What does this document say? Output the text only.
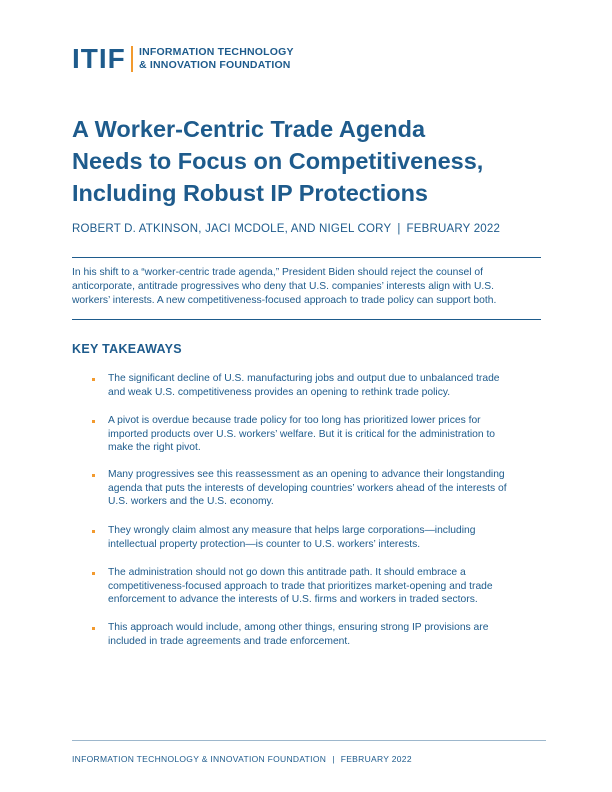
ITIF INFORMATION TECHNOLOGY
& INNOVATION FOUNDATION
A Worker-Centric Trade Agenda
Needs to Focus on Competitiveness,
Including Robust IP Protections
ROBERT D. ATKINSON, JACI MCDOLE, AND NIGEL CORY | FEBRUARY 2022
In his shift to a “worker-centric trade agenda,” President Biden should reject the counsel of
anticorporate, antitrade progressives who deny that U.S. companies’ interests align with U.S.
workers’ interests. A new competitiveness-focused approach to trade policy can support both.
KEY TAKEAWAYS
The significant decline of U.S. manufacturing jobs and output due to unbalanced trade
and weak U.S. competitiveness provides an opening to rethink trade policy.
A pivot is overdue because trade policy for too long has prioritized lower prices for
imported products over U.S. workers’ welfare. But it is critical for the administration to
make the right pivot.
Many progressives see this reassessment as an opening to advance their longstanding
agenda that puts the interests of developing countries’ workers ahead of the interests of
U.S. workers and the U.S. economy.
They wrongly claim almost any measure that helps large corporations—including
intellectual property protection—is counter to U.S. workers’ interests.
The administration should not go down this antitrade path. It should embrace a
competitiveness-focused approach to trade that prioritizes market-opening and trade
enforcement to advance the interests of U.S. firms and workers in traded sectors.
This approach would include, among other things, ensuring strong IP provisions are
included in trade agreements and trade enforcement.
INFORMATION TECHNOLOGY & INNOVATION FOUNDATION | FEBRUARY 2022
